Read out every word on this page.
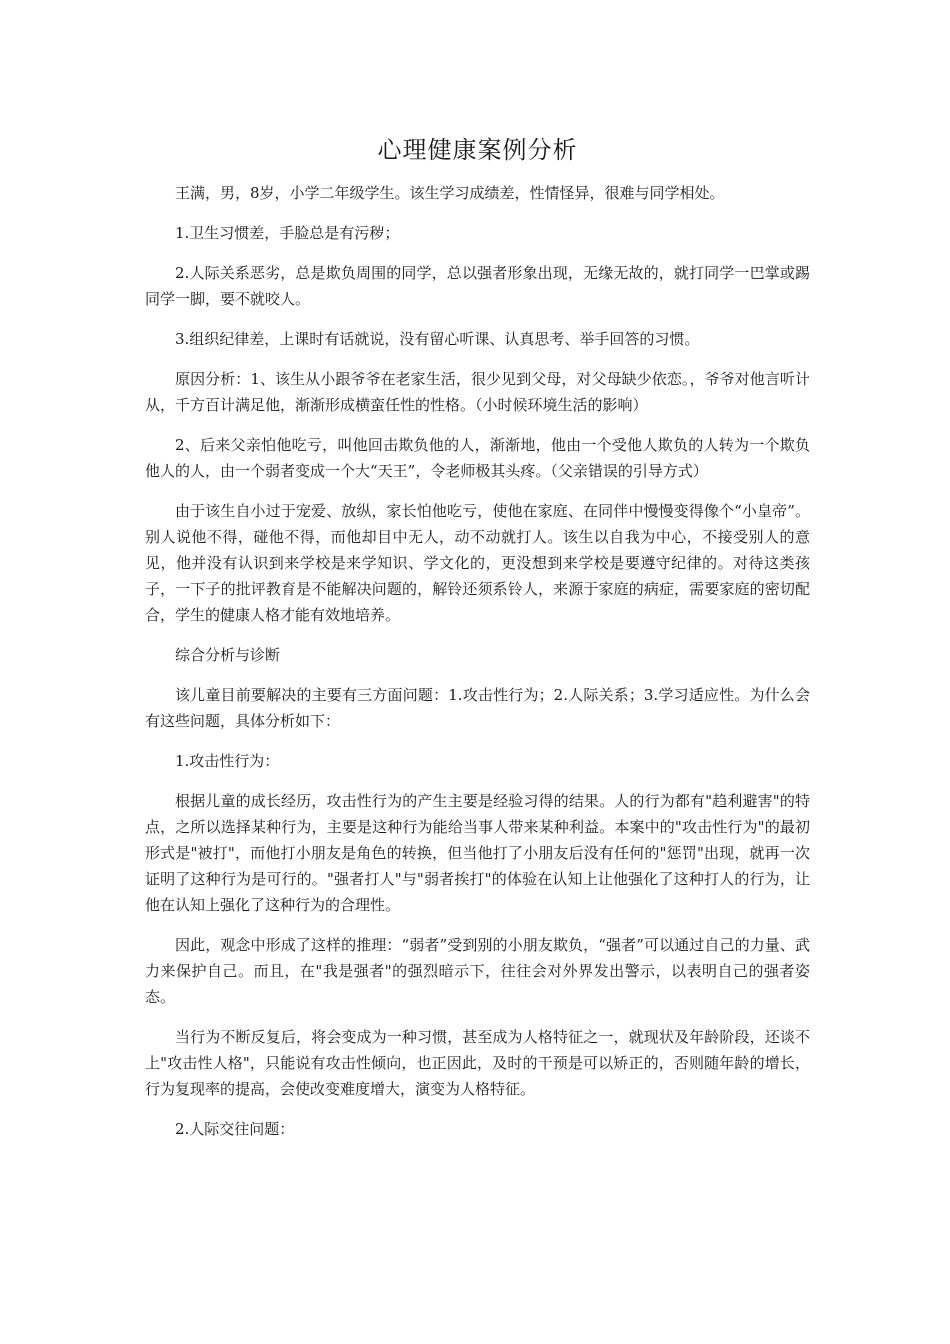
心理健康案例分析

王满，男，8岁，小学二年级学生。该生学习成绩差，性情怪异，很难与同学相处。

1.卫生习惯差，手脸总是有污秽；

2.人际关系恶劣，总是欺负周围的同学，总以强者形象出现，无缘无故的，就打同学一巴掌或踢同学一脚，要不就咬人。

3.组织纪律差，上课时有话就说，没有留心听课、认真思考、举手回答的习惯。

原因分析：1、该生从小跟爷爷在老家生活，很少见到父母，对父母缺少依恋。，爷爷对他言听计从，千方百计满足他，渐渐形成横蛮任性的性格。（小时候环境生活的影响）

2、后来父亲怕他吃亏，叫他回击欺负他的人，渐渐地，他由一个受他人欺负的人转为一个欺负他人的人，由一个弱者变成一个大“天王”，令老师极其头疼。（父亲错误的引导方式）

由于该生自小过于宠爱、放纵，家长怕他吃亏，使他在家庭、在同伴中慢慢变得像个“小皇帝”。别人说他不得，碰他不得，而他却目中无人，动不动就打人。该生以自我为中心，不接受别人的意见，他并没有认识到来学校是来学知识、学文化的，更没想到来学校是要遵守纪律的。对待这类孩子，一下子的批评教育是不能解决问题的，解铃还须系铃人，来源于家庭的病症，需要家庭的密切配合，学生的健康人格才能有效地培养。

综合分析与诊断

该儿童目前要解决的主要有三方面问题：1.攻击性行为；2.人际关系；3.学习适应性。为什么会有这些问题，具体分析如下：

1.攻击性行为：

根据儿童的成长经历，攻击性行为的产生主要是经验习得的结果。人的行为都有"趋利避害"的特点，之所以选择某种行为，主要是这种行为能给当事人带来某种利益。本案中的"攻击性行为"的最初形式是"被打"，而他打小朋友是角色的转换，但当他打了小朋友后没有任何的"惩罚"出现，就再一次证明了这种行为是可行的。"强者打人"与"弱者挨打"的体验在认知上让他强化了这种打人的行为，让他在认知上强化了这种行为的合理性。

因此，观念中形成了这样的推理：“弱者”受到别的小朋友欺负，“强者”可以通过自己的力量、武力来保护自己。而且，在"我是强者"的强烈暗示下，往往会对外界发出警示，以表明自己的强者姿态。

当行为不断反复后，将会变成为一种习惯，甚至成为人格特征之一，就现状及年龄阶段，还谈不上"攻击性人格"，只能说有攻击性倾向，也正因此，及时的干预是可以矫正的，否则随年龄的增长，行为复现率的提高，会使改变难度增大，演变为人格特征。

2.人际交往问题：
